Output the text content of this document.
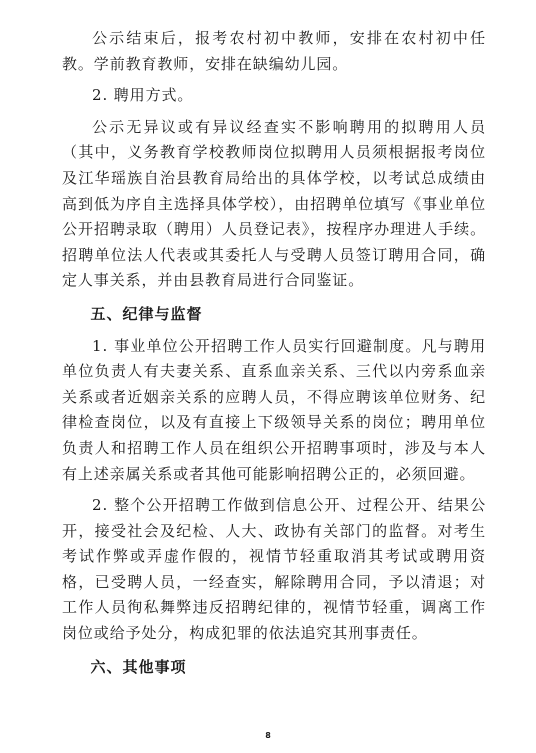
公示结束后，报考农村初中教师，安排在农村初中任教。学前教育教师，安排在缺编幼儿园。

2. 聘用方式。

公示无异议或有异议经查实不影响聘用的拟聘用人员（其中，义务教育学校教师岗位拟聘用人员须根据报考岗位及江华瑶族自治县教育局给出的具体学校，以考试总成绩由高到低为序自主选择具体学校），由招聘单位填写《事业单位公开招聘录取（聘用）人员登记表》，按程序办理进人手续。招聘单位法人代表或其委托人与受聘人员签订聘用合同，确定人事关系，并由县教育局进行合同鉴证。

五、纪律与监督

1. 事业单位公开招聘工作人员实行回避制度。凡与聘用单位负责人有夫妻关系、直系血亲关系、三代以内旁系血亲关系或者近姻亲关系的应聘人员，不得应聘该单位财务、纪律检查岗位，以及有直接上下级领导关系的岗位；聘用单位负责人和招聘工作人员在组织公开招聘事项时，涉及与本人有上述亲属关系或者其他可能影响招聘公正的，必须回避。

2. 整个公开招聘工作做到信息公开、过程公开、结果公开，接受社会及纪检、人大、政协有关部门的监督。对考生考试作弊或弄虚作假的，视情节轻重取消其考试或聘用资格，已受聘人员，一经查实，解除聘用合同，予以清退；对工作人员徇私舞弊违反招聘纪律的，视情节轻重，调离工作岗位或给予处分，构成犯罪的依法追究其刑事责任。

六、其他事项

8
